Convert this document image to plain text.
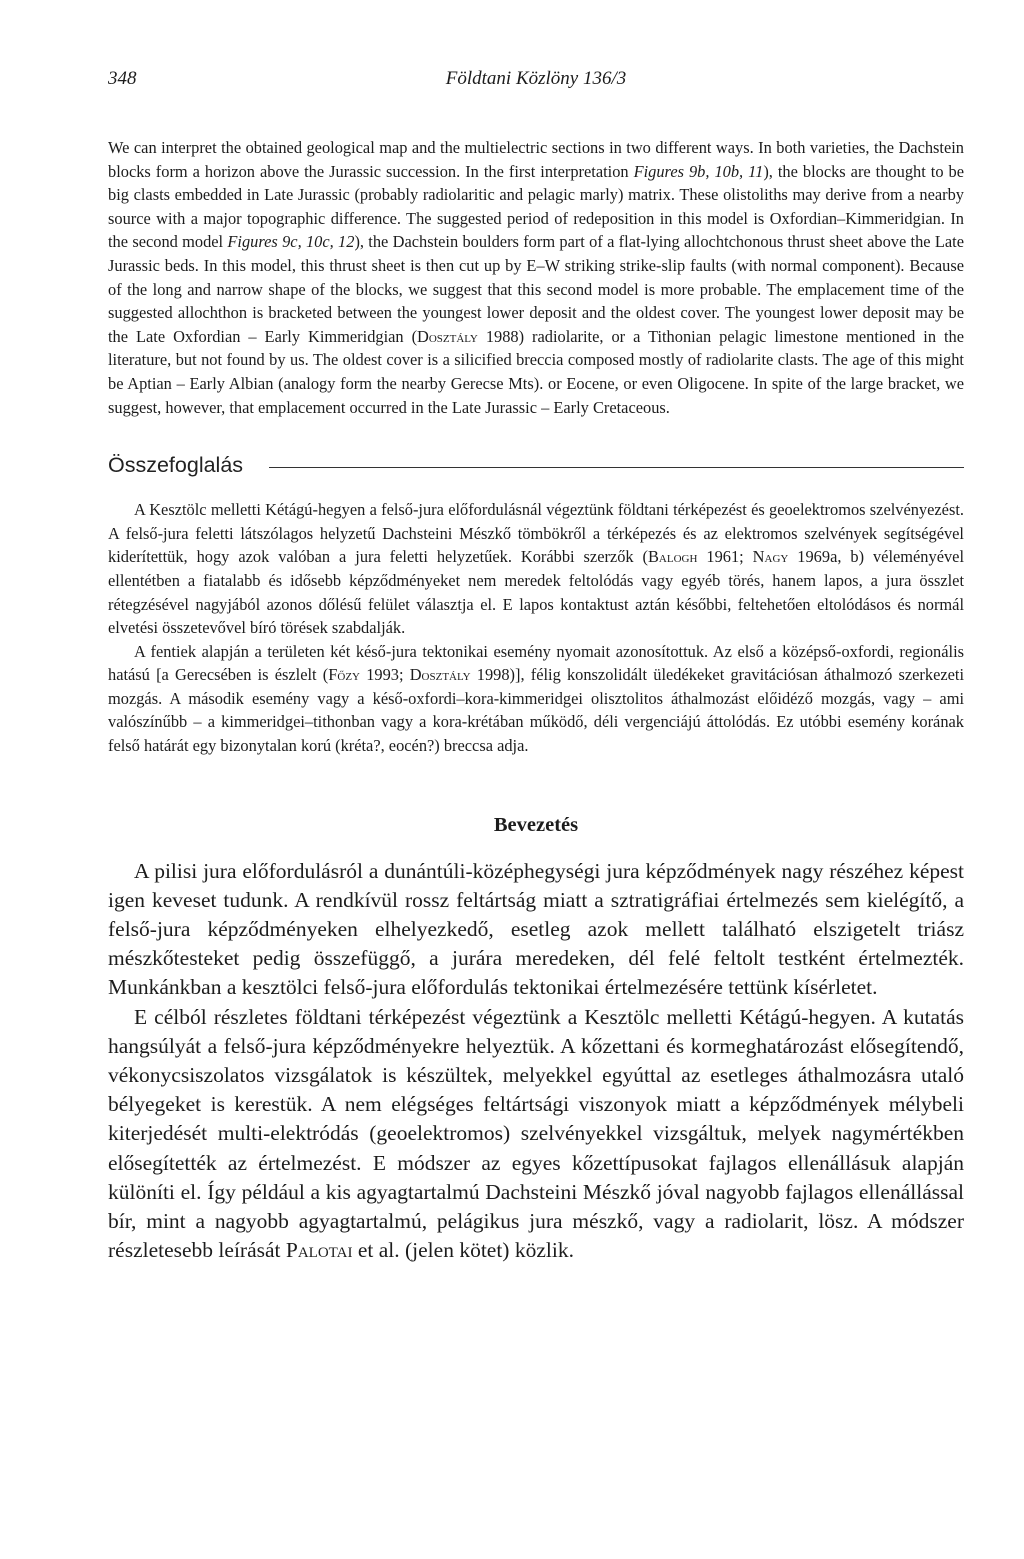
348	Földtani Közlöny 136/3

We can interpret the obtained geological map and the multielectric sections in two different ways. In both varieties, the Dachstein blocks form a horizon above the Jurassic succession. In the first interpretation Figures 9b, 10b, 11), the blocks are thought to be big clasts embedded in Late Jurassic (probably radiolaritic and pelagic marly) matrix. These olistoliths may derive from a nearby source with a major topographic difference. The suggested period of redeposition in this model is Oxfordian–Kimmeridgian. In the second model Figures 9c, 10c, 12), the Dachstein boulders form part of a flat-lying allochtchonous thrust sheet above the Late Jurassic beds. In this model, this thrust sheet is then cut up by E–W striking strike-slip faults (with normal component). Because of the long and narrow shape of the blocks, we suggest that this second model is more probable. The emplacement time of the suggested allochthon is bracketed between the youngest lower deposit and the oldest cover. The youngest lower deposit may be the Late Oxfordian – Early Kimmeridgian (Dosztály 1988) radiolarite, or a Tithonian pelagic limestone mentioned in the literature, but not found by us. The oldest cover is a silicified breccia composed mostly of radiolarite clasts. The age of this might be Aptian – Early Albian (analogy form the nearby Gerecse Mts). or Eocene, or even Oligocene. In spite of the large bracket, we suggest, however, that emplacement occurred in the Late Jurassic – Early Cretaceous.

Összefoglalás

A Kesztölc melletti Kétágú-hegyen a felső-jura előfordulásnál végeztünk földtani térképezést és geoelektromos szelvényezést. A felső-jura feletti látszólagos helyzetű Dachsteini Mészkő tömbökről a térképezés és az elektromos szelvények segítségével kiderítettük, hogy azok valóban a jura feletti helyzetűek. Korábbi szerzők (Balogh 1961; Nagy 1969a, b) véleményével ellentétben a fiatalabb és idősebb képződményeket nem meredek feltolódás vagy egyéb törés, hanem lapos, a jura összlet rétegzésével nagyjából azonos dőlésű felület választja el. E lapos kontaktust aztán későbbi, feltehetően eltolódásos és normál elvetési összetevővel bíró törések szabdalják.

A fentiek alapján a területen két késő-jura tektonikai esemény nyomait azonosítottuk. Az első a középső-oxfordi, regionális hatású [a Gerecsében is észlelt (Főzy 1993; Dosztály 1998)], félig konszolidált üledékeket gravitációsan áthalmozó szerkezeti mozgás. A második esemény vagy a késő-oxfordi–kora-kimmeridgei olisztolitos áthalmozást előidéző mozgás, vagy – ami valószínűbb – a kimmeridgei–tithonban vagy a kora-krétában működő, déli vergenciájú áttolódás. Ez utóbbi esemény korának felső határát egy bizonytalan korú (kréta?, eocén?) breccsa adja.

Bevezetés

A pilisi jura előfordulásról a dunántúli-középhegységi jura képződmények nagy részéhez képest igen keveset tudunk. A rendkívül rossz feltártság miatt a sztratigráfiai értelmezés sem kielégítő, a felső-jura képződményeken elhelyezkedő, esetleg azok mellett található elszigetelt triász mészkőtesteket pedig összefüggő, a jurára meredeken, dél felé feltolt testként értelmezték. Munkánkban a kesztölci felső-jura előfordulás tektonikai értelmezésére tettünk kísérletet.

E célból részletes földtani térképezést végeztünk a Kesztölc melletti Kétágú-hegyen. A kutatás hangsúlyát a felső-jura képződményekre helyeztük. A kőzettani és kormeghatározást elősegítendő, vékonycsiszolatos vizsgálatok is készültek, melyekkel egyúttal az esetleges áthalmozásra utaló bélyegeket is kerestük. A nem elégséges feltártsági viszonyok miatt a képződmények mélybeli kiterjedését multi-elektródás (geoelektromos) szelvényekkel vizsgáltuk, melyek nagymértékben elősegítették az értelmezést. E módszer az egyes kőzettípusokat fajlagos ellenállásuk alapján különíti el. Így például a kis agyagtartalmú Dachsteini Mészkő jóval nagyobb fajlagos ellenállással bír, mint a nagyobb agyagtartalmú, pelágikus jura mészkő, vagy a radiolarit, lösz. A módszer részletesebb leírását Palotai et al. (jelen kötet) közlik.
